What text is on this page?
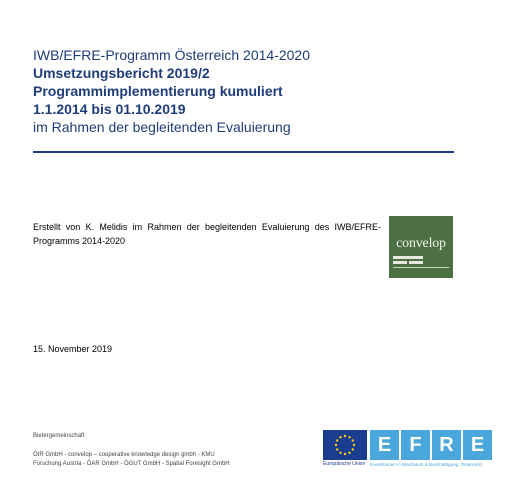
IWB/EFRE-Programm Österreich 2014-2020
Umsetzungsbericht 2019/2
Programmimplementierung kumuliert
1.1.2014 bis 01.10.2019
im Rahmen der begleitenden Evaluierung
Erstellt von K. Melidis im Rahmen der begleitenden Evaluierung des IWB/EFRE-Programms 2014-2020	convelop
15. November 2019
Bietergemeinschaft
ÖIR GmbH - convelop – cooperative knowledge design gmbh - KMU
Forschung Austria - ÖAR GmbH - ÖGUT GmbH - Spatial Foresight GmbH	Europäische Union
E F R E
Investitionen in Wachstum & Beschäftigung. Österreich.
